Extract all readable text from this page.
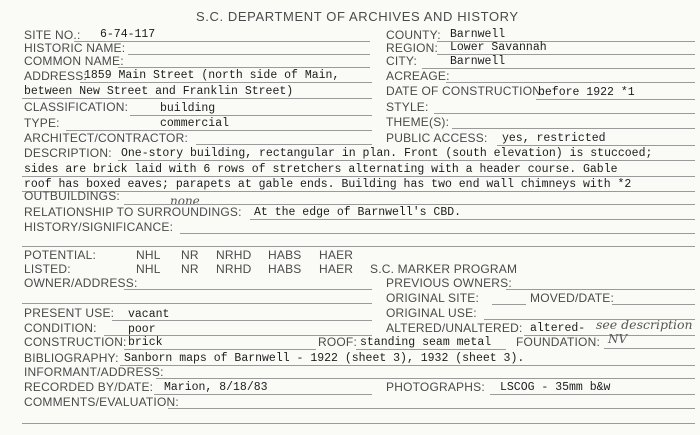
S.C. DEPARTMENT OF ARCHIVES AND HISTORY
SITE NO.: 6-74-117	COUNTY: Barnwell
HISTORIC NAME:	REGION: Lower Savannah
COMMON NAME:	CITY:	Barnwell
ADDRESS:
1859 Main Street (north side of Main,	ACREAGE:
between New Street and Franklin Street)	DATE OF CONSTRUCTION:
before 1922 *1
CLASSIFICATION:	building	STYLE:
TYPE:	commercial	THEME(S):
ARCHITECT/CONTRACTOR:	PUBLIC ACCESS: yes, restricted
DESCRIPTION: One-story building, rectangular in plan. Front (south elevation) is stuccoed;
sides are brick laid with 6 rows of stretchers alternating with a header course. Gable
roof has boxed eaves; parapets at gable ends. Building has two end wall chimneys with *2
OUTBUILDINGS:	none
RELATIONSHIP TO SURROUNDINGS: At the edge of Barnwell's CBD.
HISTORY/SIGNIFICANCE:
POTENTIAL:	NHL NR NRHD HABS HAER
LISTED:	NHL NR NRHD HABS HAER S.C. MARKER PROGRAM
OWNER/ADDRESS:	PREVIOUS OWNERS:
ORIGINAL SITE:	MOVED/DATE:
PRESENT USE: vacant	ORIGINAL USE:
CONDITION:	poor	ALTERED/UNALTERED: altered- see description
CONSTRUCTION: brick	ROOF: standing seam metal FOUNDATION: NV
BIBLIOGRAPHY: Sanborn maps of Barnwell - 1922 (sheet 3), 1932 (sheet 3).
INFORMANT/ADDRESS:
RECORDED BY/DATE: Marion, 8/18/83	PHOTOGRAPHS: LSCOG - 35mm b&w
COMMENTS/EVALUATION:
